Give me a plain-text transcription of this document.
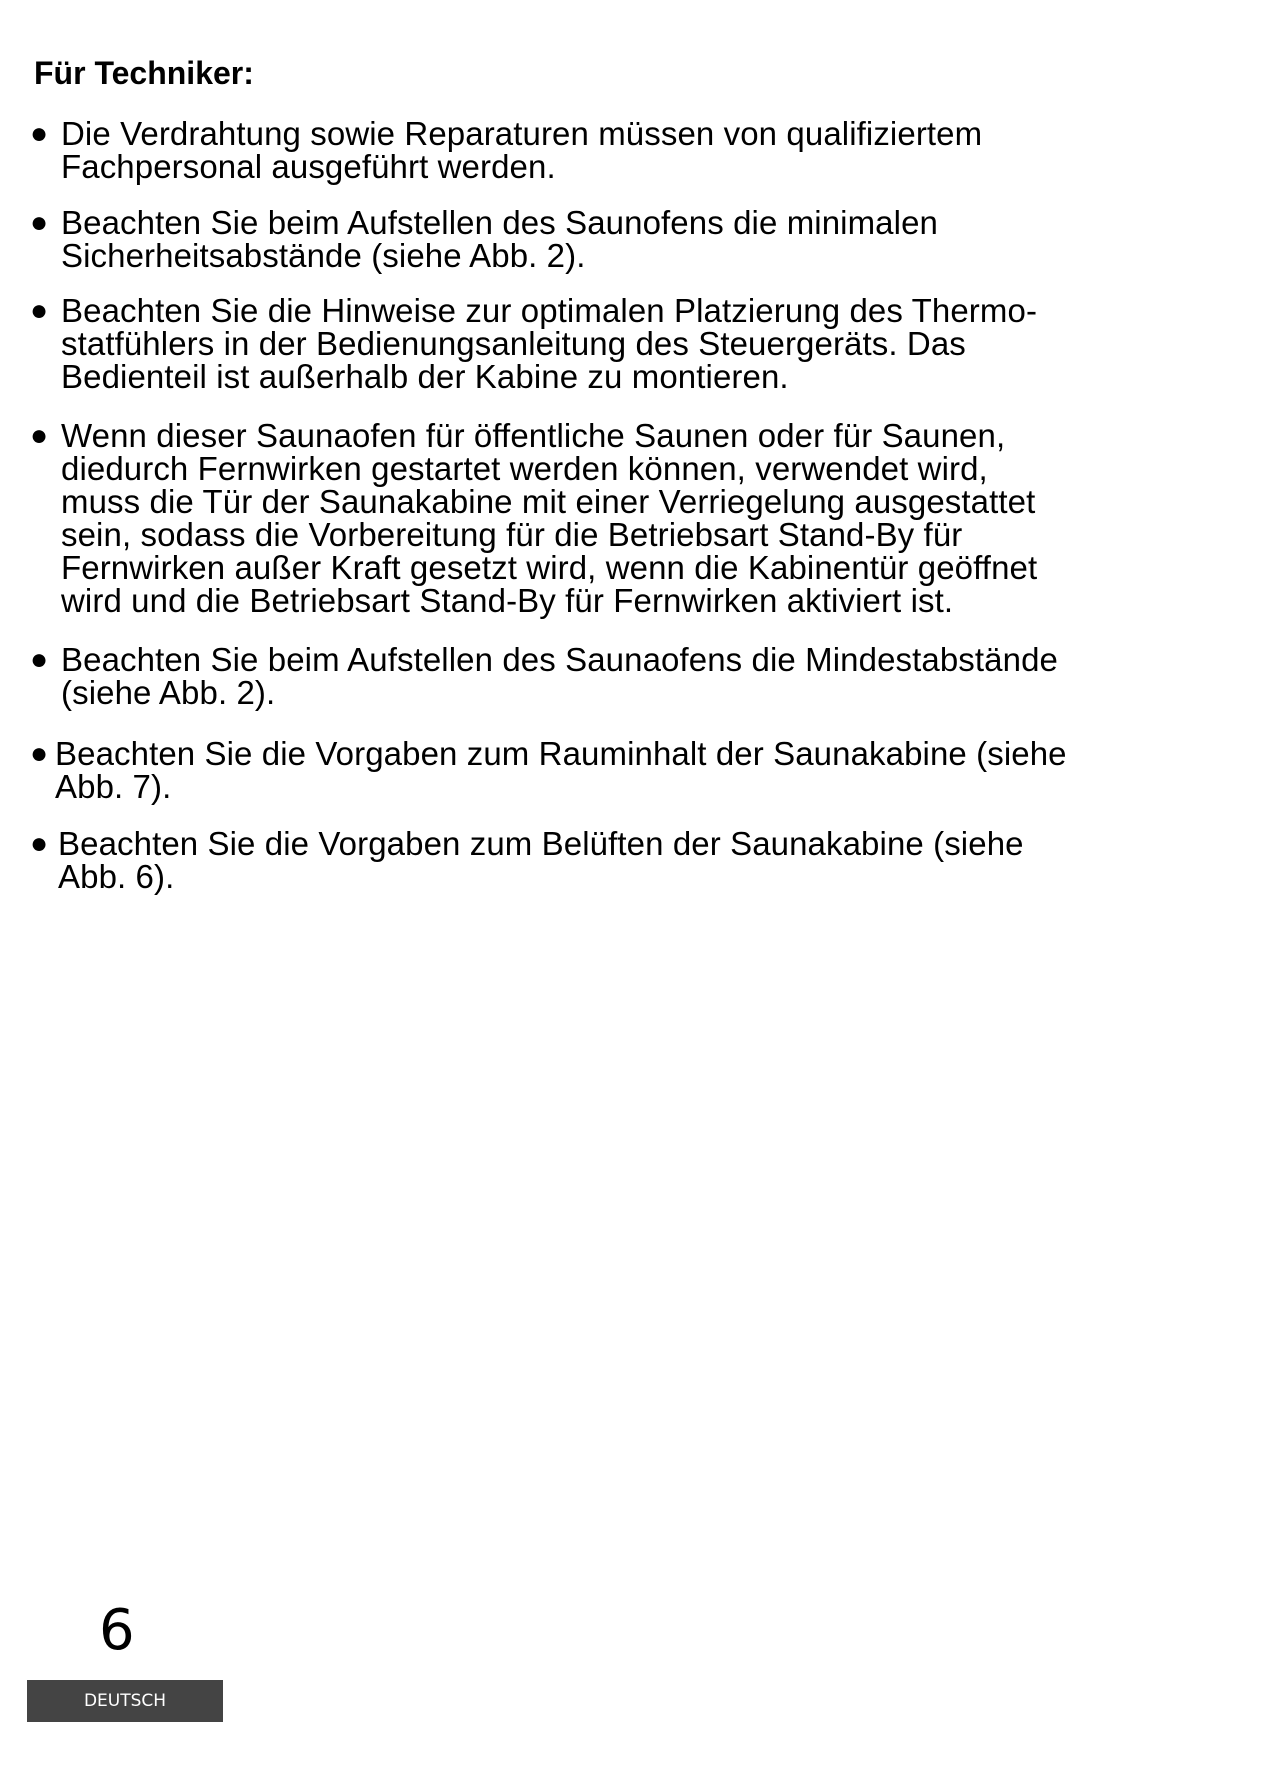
Für Techniker:
● Die Verdrahtung sowie Reparaturen müssen von qualifiziertem
Fachpersonal ausgeführt werden.

● Beachten Sie beim Aufstellen des Saunofens die minimalen
Sicherheitsabstände (siehe Abb. 2).

● Beachten Sie die Hinweise zur optimalen Platzierung des Thermo-
statfühlers in der Bedienungsanleitung des Steuergeräts. Das
Bedienteil ist außerhalb der Kabine zu montieren.

● Wenn dieser Saunaofen für öffentliche Saunen oder für Saunen,
diedurch Fernwirken gestartet werden können, verwendet wird,
muss die Tür der Saunakabine mit einer Verriegelung ausgestattet
sein, sodass die Vorbereitung für die Betriebsart Stand-By für
Fernwirken außer Kraft gesetzt wird, wenn die Kabinentür geöffnet
wird und die Betriebsart Stand-By für Fernwirken aktiviert ist.

● Beachten Sie beim Aufstellen des Saunaofens die Mindestabstände
(siehe Abb. 2).

● Beachten Sie die Vorgaben zum Rauminhalt der Saunakabine (siehe
Abb. 7).

● Beachten Sie die Vorgaben zum Belüften der Saunakabine (siehe
Abb. 6).

6
DEUTSCH
